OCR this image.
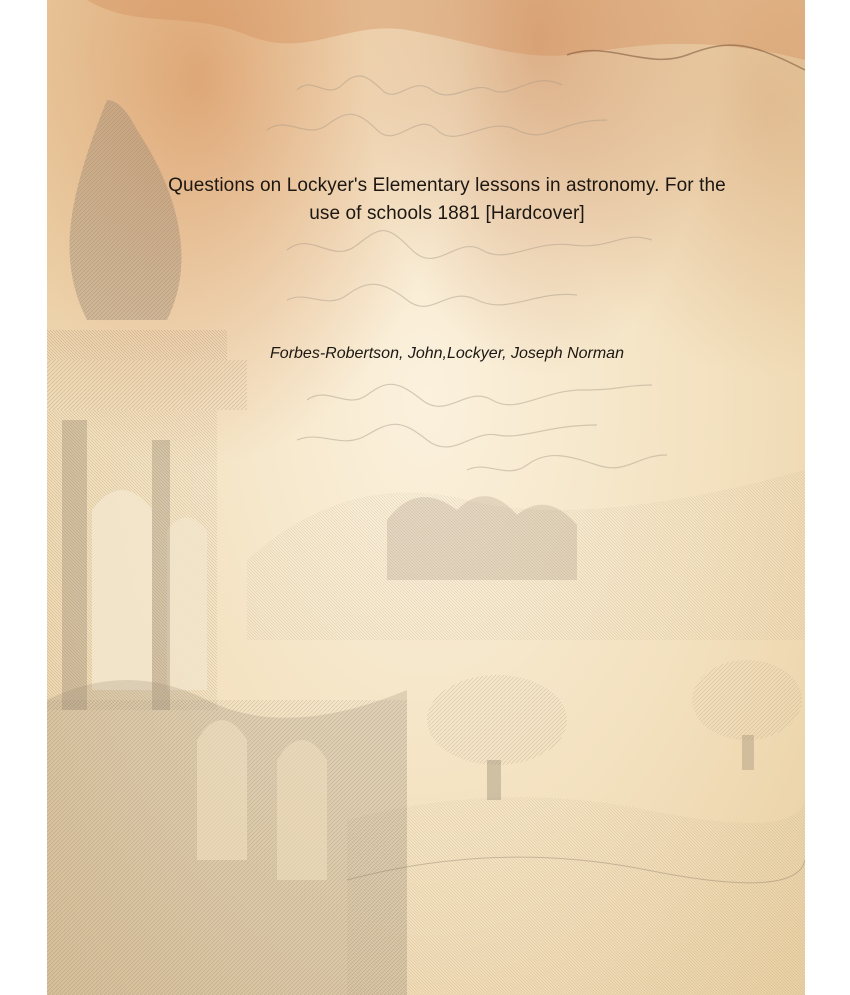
Questions on Lockyer's Elementary lessons in astronomy. For the use of schools 1881 [Hardcover]
Forbes-Robertson, John,Lockyer, Joseph Norman
